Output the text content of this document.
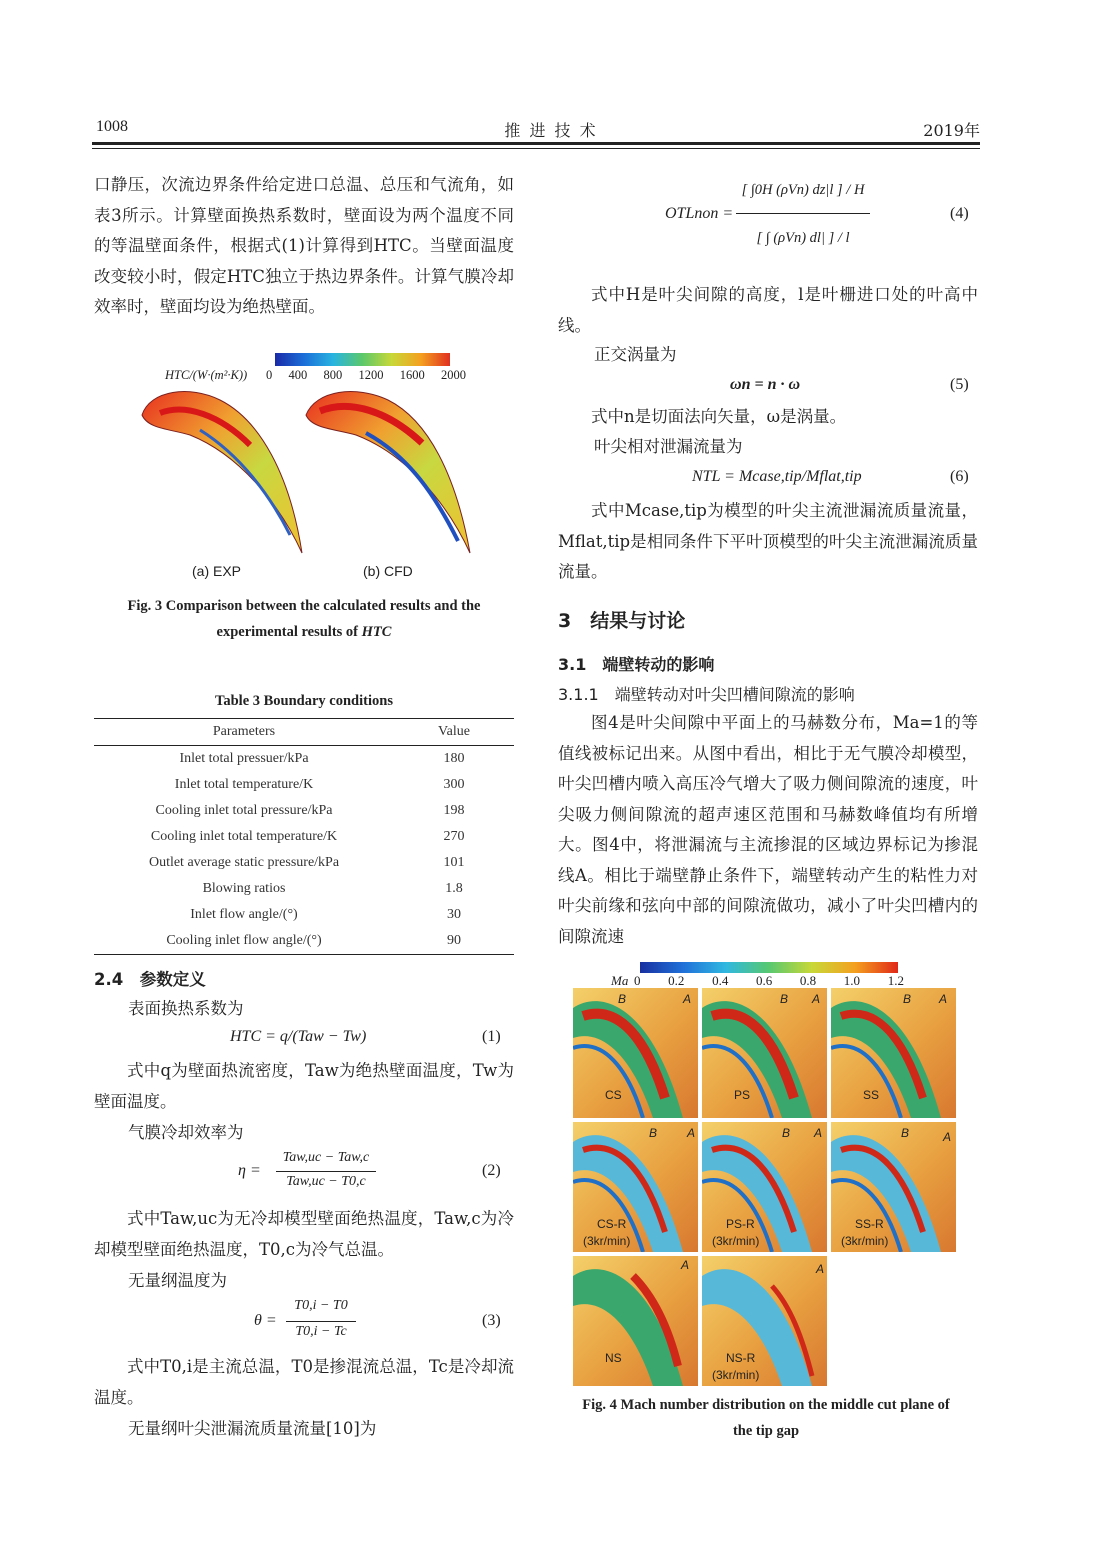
1008	推 进 技 术	2019年

口静压，次流边界条件给定进口总温、总压和气流角，如表3所示。计算壁面换热系数时，壁面设为两个温度不同的等温壁面条件，根据式(1)计算得到HTC。当壁面温度改变较小时，假定HTC独立于热边界条件。计算气膜冷却效率时，壁面均设为绝热壁面。

HTC/(W·(m²·K)) 0 400 800 1200 1600 2000
(a) EXP	(b) CFD
Fig. 3 Comparison between the calculated results and the
experimental results of HTC
Table 3 Boundary conditions
Parameters	Value
Inlet total pressuer/kPa	180
Inlet total temperature/K	300
Cooling inlet total pressure/kPa	198
Cooling inlet total temperature/K	270
Outlet average static pressure/kPa	101
Blowing ratios	1.8
Inlet flow angle/(°)	30
Cooling inlet flow angle/(°)	90
2.4　参数定义
表面换热系数为
HTC = q/(Taw − Tw)	(1)

式中q为壁面热流密度，Taw为绝热壁面温度，Tw为壁面温度。

气膜冷却效率为
η =
Taw,uc − Taw,c
Taw,uc − T0,c
(2)

式中Taw,uc为无冷却模型壁面绝热温度，Taw,c为冷却模型壁面绝热温度，T0,c为冷气总温。

无量纲温度为
θ =
T0,i − T0
T0,i − Tc
(3)

式中T0,i是主流总温，T0是掺混流总温，Tc是冷却流温度。

无量纲叶尖泄漏流质量流量[10]为
OTLnon =
[ ∫0H (ρVn) dz|l ] / H
[ ∫ (ρVn) dl| ] / l
(4)

式中H是叶尖间隙的高度，l是叶栅进口处的叶高中线。

正交涡量为
ωn = n · ω	(5)

式中n是切面法向矢量，ω是涡量。

叶尖相对泄漏流量为
NTL = Mcase,tip/Mflat,tip	(6)

式中Mcase,tip为模型的叶尖主流泄漏流质量流量，Mflat,tip是相同条件下平叶顶模型的叶尖主流泄漏流质量流量。

3　结果与讨论
3.1　端壁转动的影响
3.1.1　端壁转动对叶尖凹槽间隙流的影响

图4是叶尖间隙中平面上的马赫数分布，Ma=1的等值线被标记出来。从图中看出，相比于无气膜冷却模型，叶尖凹槽内喷入高压冷气增大了吸力侧间隙流的速度，叶尖吸力侧间隙流的超声速区范围和马赫数峰值均有所增大。图4中，将泄漏流与主流掺混的区域边界标记为掺混线A。相比于端壁静止条件下，端壁转动产生的粘性力对叶尖前缘和弦向中部的间隙流做功，减小了叶尖凹槽内的间隙流速

Ma 0 0.2 0.4 0.6 0.8 1.0 1.2
B	A
CS
B A
PS
B A
SS
B A
CS-R
(3kr/min)
B A
PS-R
(3kr/min)
B	A
SS-R
(3kr/min)
A
NS
A
NS-R
(3kr/min)
Fig. 4 Mach number distribution on the middle cut plane of
the tip gap
